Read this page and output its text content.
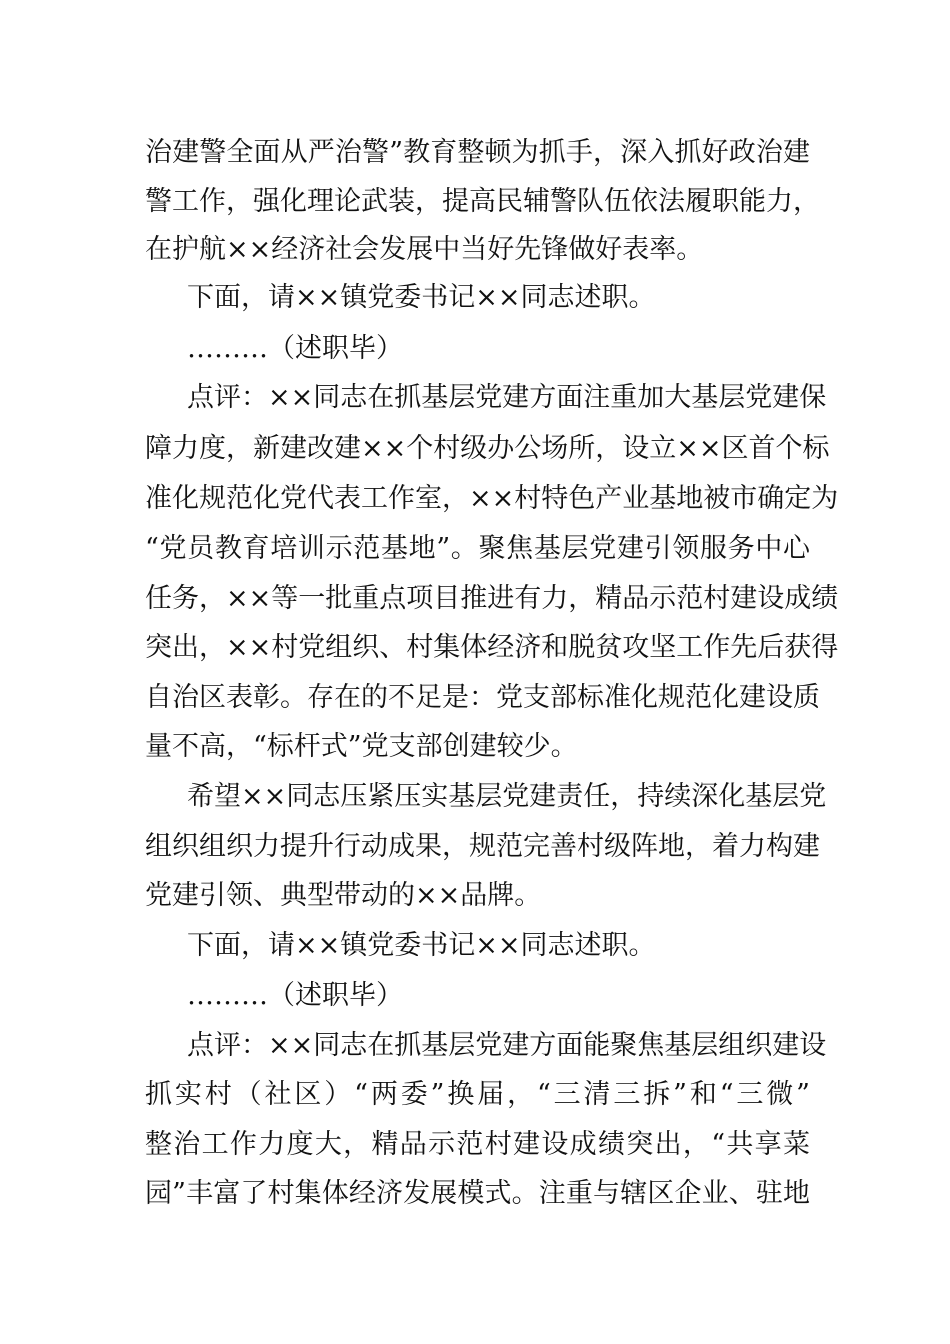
治建警全面从严治警”教育整顿为抓手，深入抓好政治建

警工作，强化理论武装，提高民辅警队伍依法履职能力，

在护航××经济社会发展中当好先锋做好表率。

下面，请××镇党委书记××同志述职。

………（述职毕）

点评：××同志在抓基层党建方面注重加大基层党建保

障力度，新建改建××个村级办公场所，设立××区首个标

准化规范化党代表工作室，××村特色产业基地被市确定为

“党员教育培训示范基地”。聚焦基层党建引领服务中心

任务，××等一批重点项目推进有力，精品示范村建设成绩

突出，××村党组织、村集体经济和脱贫攻坚工作先后获得

自治区表彰。存在的不足是：党支部标准化规范化建设质

量不高，“标杆式”党支部创建较少。

希望××同志压紧压实基层党建责任，持续深化基层党

组织组织力提升行动成果，规范完善村级阵地，着力构建

党建引领、典型带动的××品牌。

下面，请××镇党委书记××同志述职。

………（述职毕）

点评：××同志在抓基层党建方面能聚焦基层组织建设

抓实村（社区）“两委”换届，“三清三拆”和“三微”

整治工作力度大，精品示范村建设成绩突出，“共享菜

园”丰富了村集体经济发展模式。注重与辖区企业、驻地
